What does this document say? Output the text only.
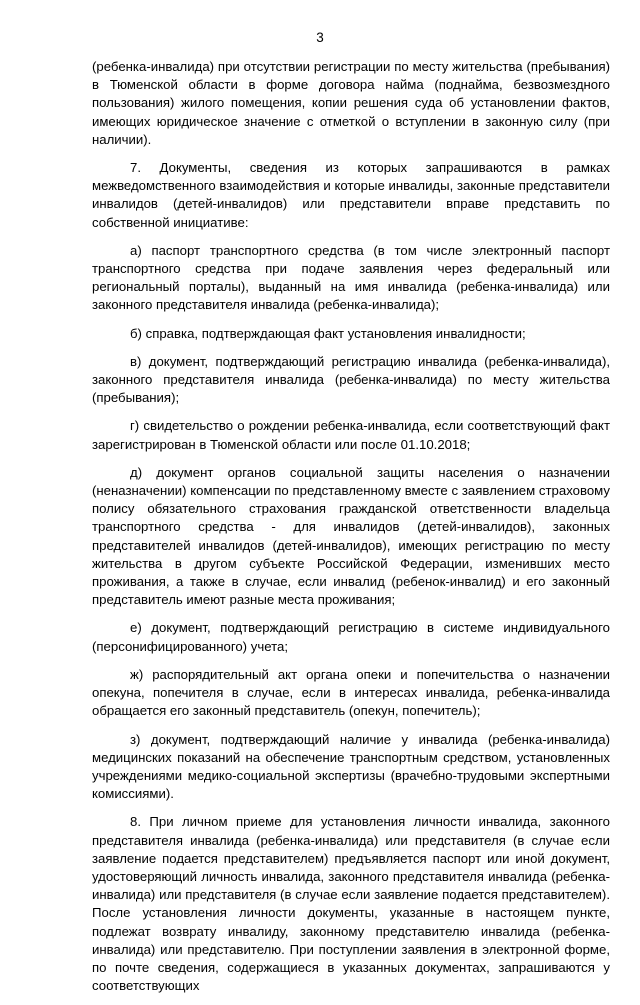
3

(ребенка-инвалида) при отсутствии регистрации по месту жительства (пребывания) в Тюменской области в форме договора найма (поднайма, безвозмездного пользования) жилого помещения, копии решения суда об установлении фактов, имеющих юридическое значение с отметкой о вступлении в законную силу (при наличии).

7. Документы, сведения из которых запрашиваются в рамках межведомственного взаимодействия и которые инвалиды, законные представители инвалидов (детей-инвалидов) или представители вправе представить по собственной инициативе:

а) паспорт транспортного средства (в том числе электронный паспорт транспортного средства при подаче заявления через федеральный или региональный порталы), выданный на имя инвалида (ребенка-инвалида) или законного представителя инвалида (ребенка-инвалида);

б) справка, подтверждающая факт установления инвалидности;

в) документ, подтверждающий регистрацию инвалида (ребенка-инвалида), законного представителя инвалида (ребенка-инвалида) по месту жительства (пребывания);

г) свидетельство о рождении ребенка-инвалида, если соответствующий факт зарегистрирован в Тюменской области или после 01.10.2018;

д) документ органов социальной защиты населения о назначении (неназначении) компенсации по представленному вместе с заявлением страховому полису обязательного страхования гражданской ответственности владельца транспортного средства - для инвалидов (детей-инвалидов), законных представителей инвалидов (детей-инвалидов), имеющих регистрацию по месту жительства в другом субъекте Российской Федерации, изменивших место проживания, а также в случае, если инвалид (ребенок-инвалид) и его законный представитель имеют разные места проживания;

е) документ, подтверждающий регистрацию в системе индивидуального (персонифицированного) учета;

ж) распорядительный акт органа опеки и попечительства о назначении опекуна, попечителя в случае, если в интересах инвалида, ребенка-инвалида обращается его законный представитель (опекун, попечитель);

з) документ, подтверждающий наличие у инвалида (ребенка-инвалида) медицинских показаний на обеспечение транспортным средством, установленных учреждениями медико-социальной экспертизы (врачебно-трудовыми экспертными комиссиями).

8. При личном приеме для установления личности инвалида, законного представителя инвалида (ребенка-инвалида) или представителя (в случае если заявление подается представителем) предъявляется паспорт или иной документ, удостоверяющий личность инвалида, законного представителя инвалида (ребенка-инвалида) или представителя (в случае если заявление подается представителем). После установления личности документы, указанные в настоящем пункте, подлежат возврату инвалиду, законному представителю инвалида (ребенка-инвалида) или представителю. При поступлении заявления в электронной форме, по почте сведения, содержащиеся в указанных документах, запрашиваются у соответствующих
